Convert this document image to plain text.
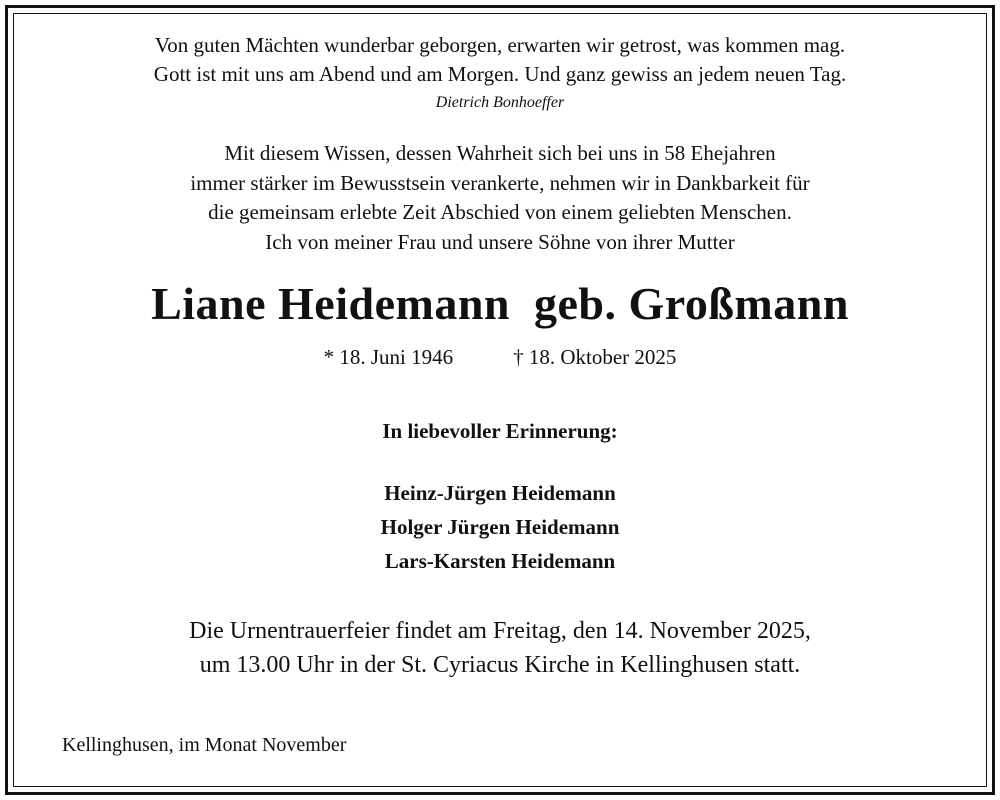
Von guten Mächten wunderbar geborgen, erwarten wir getrost, was kommen mag.

Gott ist mit uns am Abend und am Morgen. Und ganz gewiss an jedem neuen Tag.

Dietrich Bonhoeffer

Mit diesem Wissen, dessen Wahrheit sich bei uns in 58 Ehejahren

immer stärker im Bewusstsein verankerte, nehmen wir in Dankbarkeit für

die gemeinsam erlebte Zeit Abschied von einem geliebten Menschen.

Ich von meiner Frau und unsere Söhne von ihrer Mutter

Liane Heidemann  geb. Großmann

* 18. Juni 1946	† 18. Oktober 2025

In liebevoller Erinnerung:

Heinz-Jürgen Heidemann

Holger Jürgen Heidemann

Lars-Karsten Heidemann

Die Urnentrauerfeier findet am Freitag, den 14. November 2025,

um 13.00 Uhr in der St. Cyriacus Kirche in Kellinghusen statt.

Kellinghusen, im Monat November
